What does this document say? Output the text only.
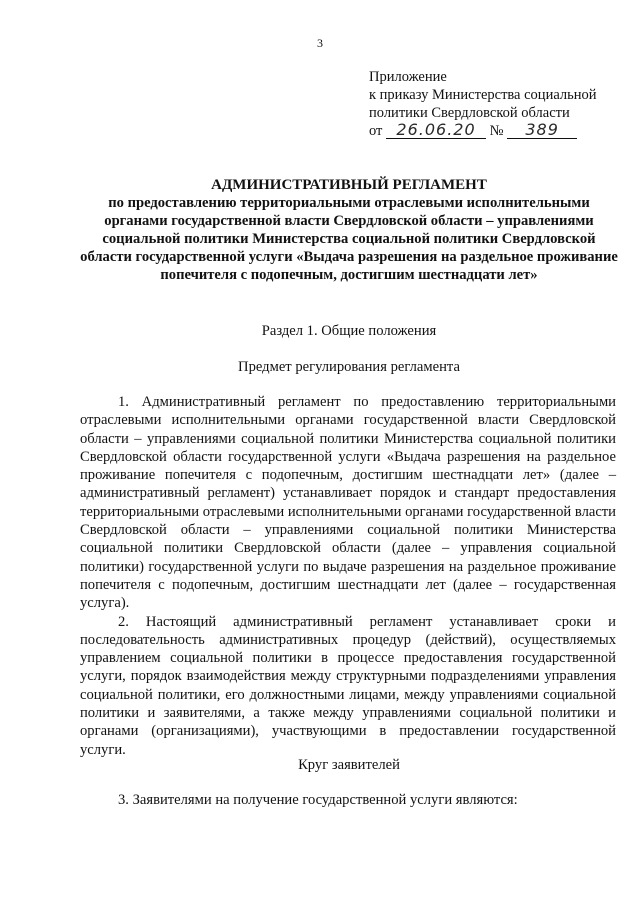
3
Приложение
к приказу Министерства социальной
политики Свердловской области
от 26.06.20 № 389
АДМИНИСТРАТИВНЫЙ РЕГЛАМЕНТ
по предоставлению территориальными отраслевыми исполнительными органами государственной власти Свердловской области – управлениями социальной политики Министерства социальной политики Свердловской области государственной услуги «Выдача разрешения на раздельное проживание попечителя с подопечным, достигшим шестнадцати лет»
Раздел 1. Общие положения
Предмет регулирования регламента

1. Административный регламент по предоставлению территориальными отраслевыми исполнительными органами государственной власти Свердловской области – управлениями социальной политики Министерства социальной политики Свердловской области государственной услуги «Выдача разрешения на раздельное проживание попечителя с подопечным, достигшим шестнадцати лет» (далее – административный регламент) устанавливает порядок и стандарт предоставления территориальными отраслевыми исполнительными органами государственной власти Свердловской области – управлениями социальной политики Министерства социальной политики Свердловской области (далее – управления социальной политики) государственной услуги по выдаче разрешения на раздельное проживание попечителя с подопечным, достигшим шестнадцати лет (далее – государственная услуга).

2. Настоящий административный регламент устанавливает сроки и последовательность административных процедур (действий), осуществляемых управлением социальной политики в процессе предоставления государственной услуги, порядок взаимодействия между структурными подразделениями управления социальной политики, его должностными лицами, между управлениями социальной политики и заявителями, а также между управлениями социальной политики и органами (организациями), участвующими в предоставлении государственной услуги.

Круг заявителей

3. Заявителями на получение государственной услуги являются:
